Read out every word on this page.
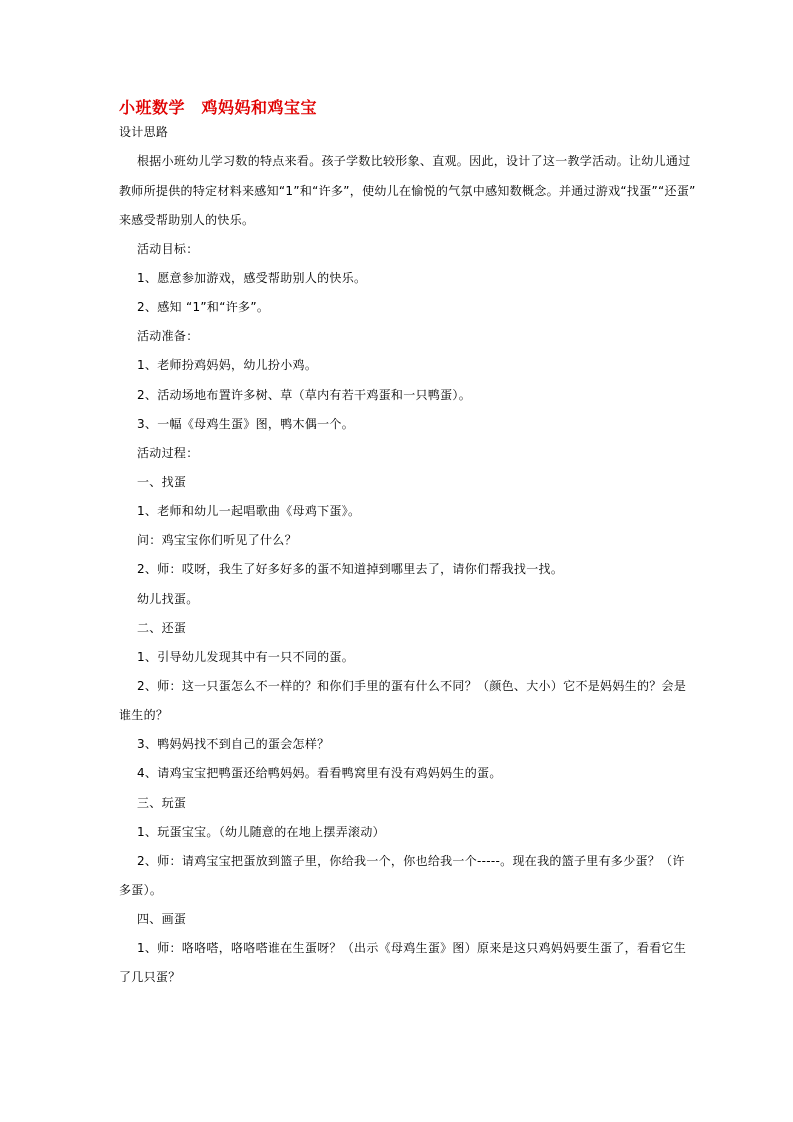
小班数学　鸡妈妈和鸡宝宝
设计思路
根据小班幼儿学习数的特点来看。孩子学数比较形象、直观。因此，设计了这一教学活动。让幼儿通过
教师所提供的特定材料来感知“1”和“许多”，使幼儿在愉悦的气氛中感知数概念。并通过游戏“找蛋”“还蛋”
来感受帮助别人的快乐。
活动目标：
1、愿意参加游戏，感受帮助别人的快乐。
2、感知 “1”和“许多”。
活动准备：
1、老师扮鸡妈妈，幼儿扮小鸡。
2、活动场地布置许多树、草（草内有若干鸡蛋和一只鸭蛋）。
3、一幅《母鸡生蛋》图，鸭木偶一个。
活动过程：
一、找蛋
1、老师和幼儿一起唱歌曲《母鸡下蛋》。
问：鸡宝宝你们听见了什么？
2、师：哎呀，我生了好多好多的蛋不知道掉到哪里去了，请你们帮我找一找。
幼儿找蛋。
二、还蛋
1、引导幼儿发现其中有一只不同的蛋。
2、师：这一只蛋怎么不一样的？和你们手里的蛋有什么不同？（颜色、大小）它不是妈妈生的？会是
谁生的？
3、鸭妈妈找不到自己的蛋会怎样？
4、请鸡宝宝把鸭蛋还给鸭妈妈。看看鸭窝里有没有鸡妈妈生的蛋。
三、玩蛋
1、玩蛋宝宝。（幼儿随意的在地上摆弄滚动）
2、师：请鸡宝宝把蛋放到篮子里，你给我一个，你也给我一个-----。现在我的篮子里有多少蛋？（许
多蛋）。
四、画蛋
1、师：咯咯嗒，咯咯嗒谁在生蛋呀？（出示《母鸡生蛋》图）原来是这只鸡妈妈要生蛋了，看看它生
了几只蛋？
